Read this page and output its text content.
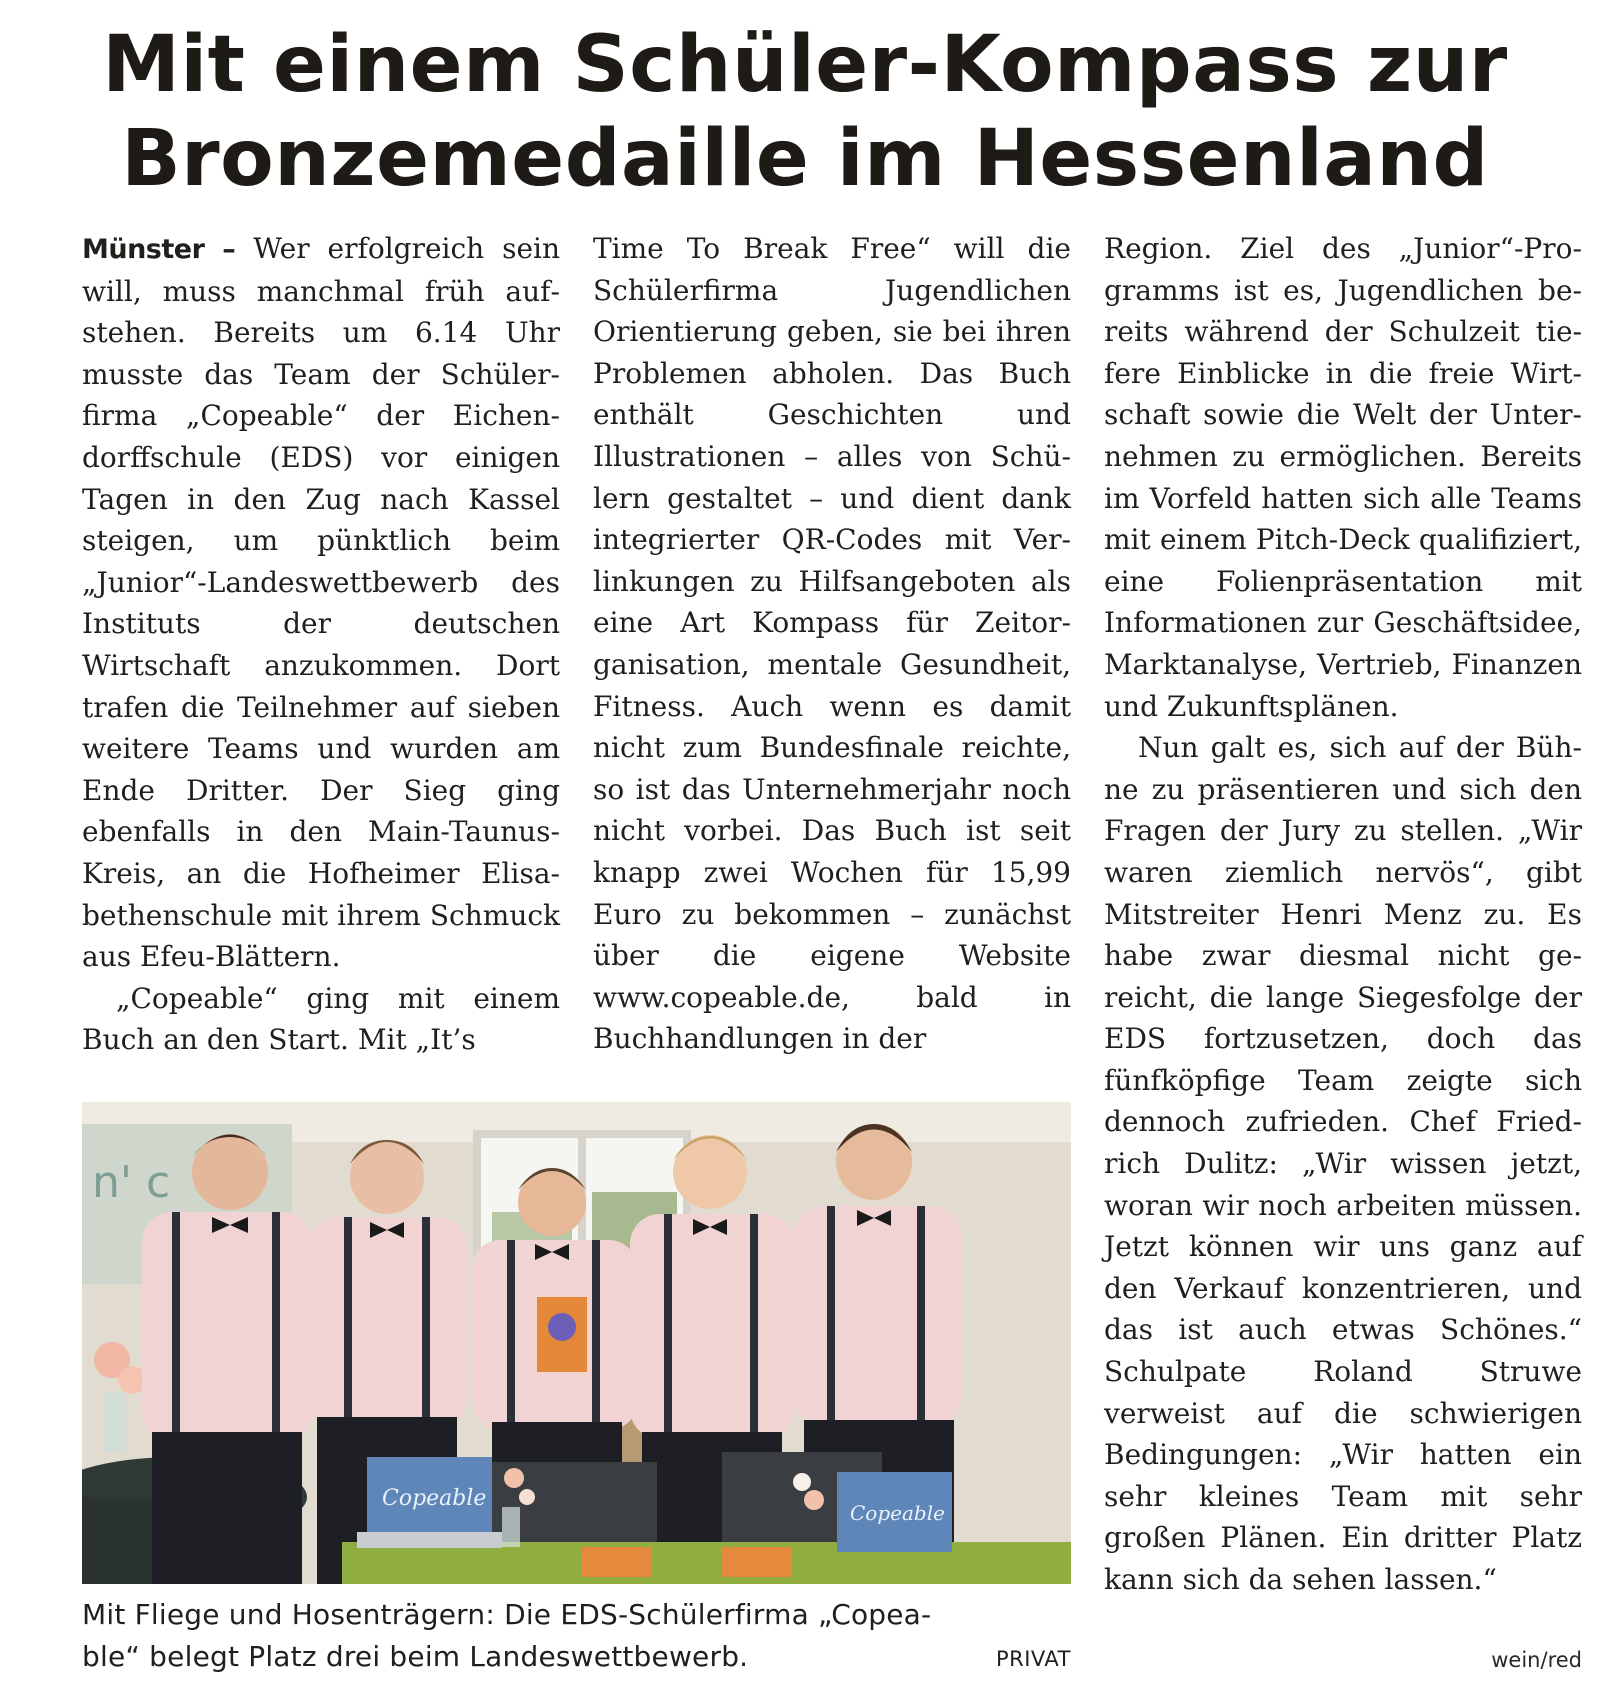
Mit einem Schüler-Kompass zur
Bronzemedaille im Hessenland

Münster – Wer erfolgreich sein will, muss manchmal früh aufstehen. Bereits um 6.14 Uhr musste das Team der Schülerfirma „Copeable“ der Eichendorffschule (EDS) vor einigen Tagen in den Zug nach Kassel steigen, um pünktlich beim „Junior“-Landeswettbewerb des Instituts der deutschen Wirtschaft anzukommen. Dort trafen die Teilnehmer auf sieben weitere Teams und wurden am Ende Dritter. Der Sieg ging ebenfalls in den Main-Taunus-Kreis, an die Hofheimer Elisabethenschule mit ihrem Schmuck aus Efeu-Blättern.

„Copeable“ ging mit einem Buch an den Start. Mit „It’s

Time To Break Free“ will die Schülerfirma Jugendlichen Orientierung geben, sie bei ihren Problemen abholen. Das Buch enthält Geschichten und Illustrationen – alles von Schülern gestaltet – und dient dank integrierter QR-Codes mit Verlinkungen zu Hilfsangeboten als eine Art Kompass für Zeitorganisation, mentale Gesundheit, Fitness. Auch wenn es damit nicht zum Bundesfinale reichte, so ist das Unternehmerjahr noch nicht vorbei. Das Buch ist seit knapp zwei Wochen für 15,99 Euro zu bekommen – zunächst über die eigene Website www.copeable.de, bald in Buchhandlungen in der

Region. Ziel des „Junior“-Programms ist es, Jugendlichen bereits während der Schulzeit tiefere Einblicke in die freie Wirtschaft sowie die Welt der Unternehmen zu ermöglichen. Bereits im Vorfeld hatten sich alle Teams mit einem Pitch-Deck qualifiziert, eine Folienpräsentation mit Informationen zur Geschäftsidee, Marktanalyse, Vertrieb, Finanzen und Zukunftsplänen.

Nun galt es, sich auf der Bühne zu präsentieren und sich den Fragen der Jury zu stellen. „Wir waren ziemlich nervös“, gibt Mitstreiter Henri Menz zu. Es habe zwar diesmal nicht gereicht, die lange Siegesfolge der EDS fortzusetzen, doch das fünfköpfige Team zeigte sich dennoch zufrieden. Chef Friedrich Dulitz: „Wir wissen jetzt, woran wir noch arbeiten müssen. Jetzt können wir uns ganz auf den Verkauf konzentrieren, und das ist auch etwas Schönes.“ Schulpate Roland Struwe verweist auf die schwierigen Bedingungen: „Wir hatten ein sehr kleines Team mit sehr großen Plänen. Ein dritter Platz kann sich da sehen lassen.“

n' c
Copeable
Copeable
Mit Fliege und Hosenträgern: Die EDS-Schülerfirma „Copea-
ble“ belegt Platz drei beim Landeswettbewerb.	PRIVAT	wein/red
